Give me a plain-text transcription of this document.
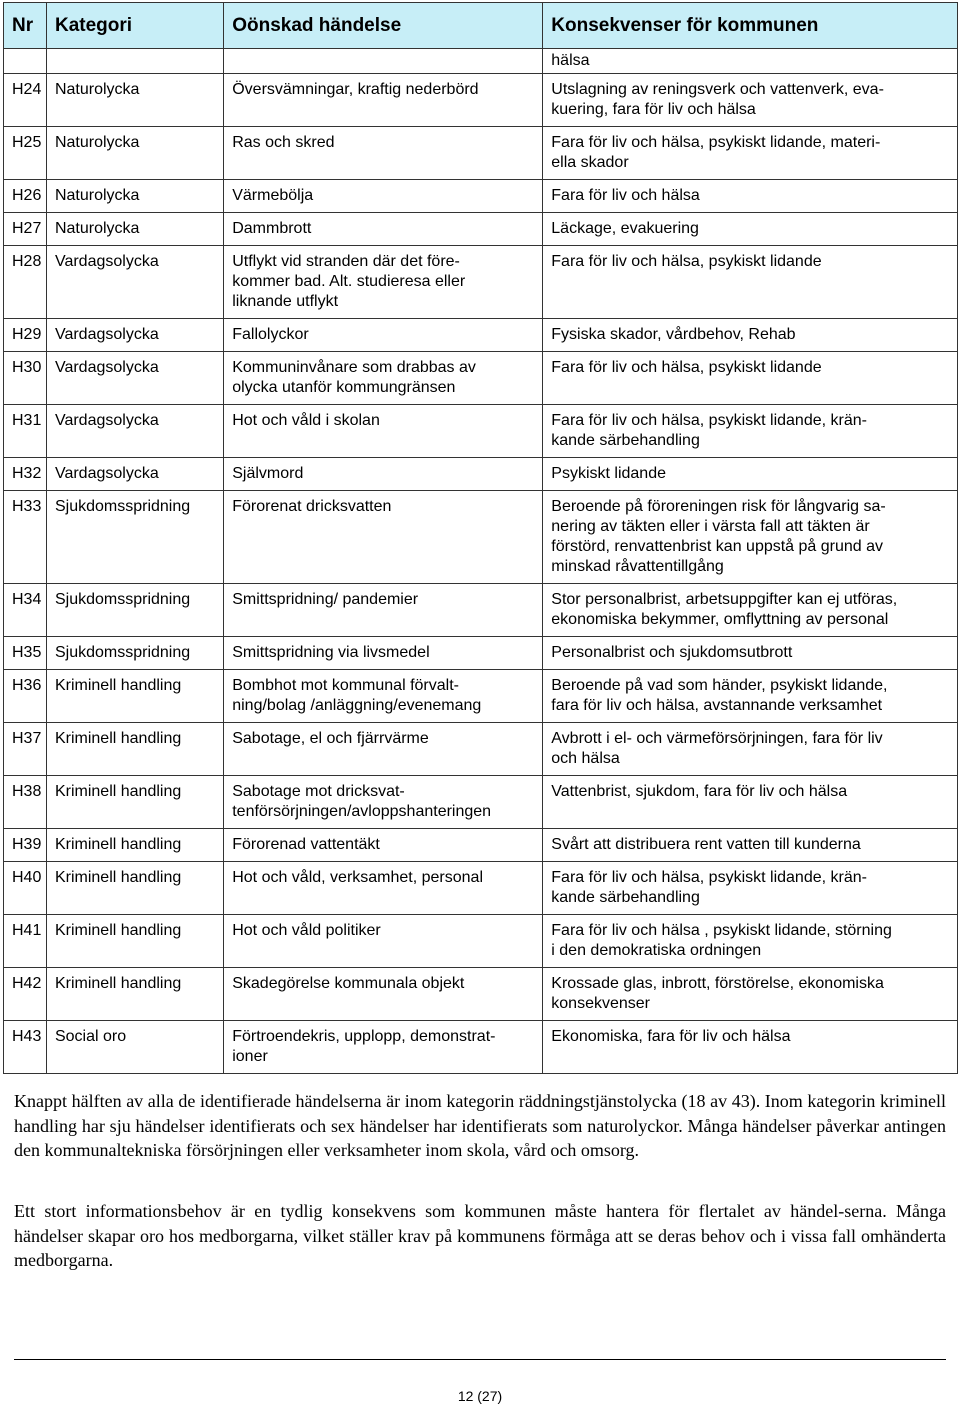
Nr	Kategori	Oönskad händelse	Konsekvenser för kommunen
			hälsa
H24	Naturolycka	Översvämningar, kraftig nederbörd	Utslagning av reningsverk och vattenverk, eva-
kuering, fara för liv och hälsa
H25	Naturolycka	Ras och skred	Fara för liv och hälsa, psykiskt lidande, materi-
ella skador
H26	Naturolycka	Värmebölja	Fara för liv och hälsa
H27	Naturolycka	Dammbrott	Läckage, evakuering
H28	Vardagsolycka	Utflykt vid stranden där det före-
kommer bad. Alt. studieresa eller
liknande utflykt	Fara för liv och hälsa, psykiskt lidande
H29	Vardagsolycka	Fallolyckor	Fysiska skador, vårdbehov, Rehab
H30	Vardagsolycka	Kommuninvånare som drabbas av
olycka utanför kommungränsen	Fara för liv och hälsa, psykiskt lidande
H31	Vardagsolycka	Hot och våld i skolan	Fara för liv och hälsa, psykiskt lidande, krän-
kande särbehandling
H32	Vardagsolycka	Självmord	Psykiskt lidande
H33	Sjukdomsspridning	Förorenat dricksvatten	Beroende på föroreningen risk för långvarig sa-
nering av täkten eller i värsta fall att täkten är
förstörd, renvattenbrist kan uppstå på grund av
minskad råvattentillgång
H34	Sjukdomsspridning	Smittspridning/ pandemier	Stor personalbrist, arbetsuppgifter kan ej utföras,
ekonomiska bekymmer, omflyttning av personal
H35	Sjukdomsspridning	Smittspridning via livsmedel	Personalbrist och sjukdomsutbrott
H36	Kriminell handling	Bombhot mot kommunal förvalt-
ning/bolag /anläggning/evenemang	Beroende på vad som händer, psykiskt lidande,
fara för liv och hälsa, avstannande verksamhet
H37	Kriminell handling	Sabotage, el och fjärrvärme	Avbrott i el- och värmeförsörjningen, fara för liv
och hälsa
H38	Kriminell handling	Sabotage mot dricksvat-
tenförsörjningen/avloppshanteringen	Vattenbrist, sjukdom, fara för liv och hälsa
H39	Kriminell handling	Förorenad vattentäkt	Svårt att distribuera rent vatten till kunderna
H40	Kriminell handling	Hot och våld, verksamhet, personal	Fara för liv och hälsa, psykiskt lidande, krän-
kande särbehandling
H41	Kriminell handling	Hot och våld politiker	Fara för liv och hälsa , psykiskt lidande, störning
i den demokratiska ordningen
H42	Kriminell handling	Skadegörelse kommunala objekt	Krossade glas, inbrott, förstörelse, ekonomiska
konsekvenser
H43	Social oro	Förtroendekris, upplopp, demonstrat-
ioner	Ekonomiska, fara för liv och hälsa

Knappt hälften av alla de identifierade händelserna är inom kategorin räddningstjänstolycka (18 av 43). Inom kategorin kriminell handling har sju händelser identifierats och sex händelser har identifierats som naturolyckor. Många händelser påverkar antingen den kommunaltekniska försörjningen eller verksamheter inom skola, vård och omsorg.

Ett stort informationsbehov är en tydlig konsekvens som kommunen måste hantera för flertalet av händel-serna. Många händelser skapar oro hos medborgarna, vilket ställer krav på kommunens förmåga att se deras behov och i vissa fall omhänderta medborgarna.

12 (27)
